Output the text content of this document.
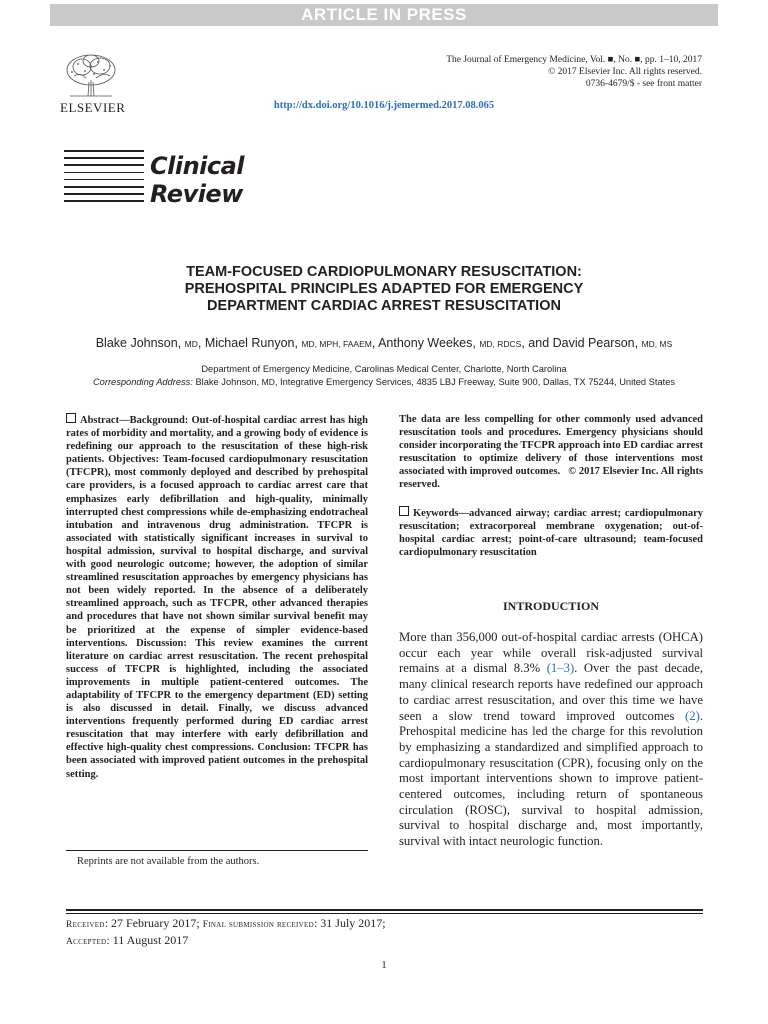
ARTICLE IN PRESS
ELSEVIER
The Journal of Emergency Medicine, Vol. ■, No. ■, pp. 1–10, 2017
© 2017 Elsevier Inc. All rights reserved.
0736-4679/$ - see front matter
http://dx.doi.org/10.1016/j.jemermed.2017.08.065
Clinical
Review
TEAM-FOCUSED CARDIOPULMONARY RESUSCITATION:
PREHOSPITAL PRINCIPLES ADAPTED FOR EMERGENCY
DEPARTMENT CARDIAC ARREST RESUSCITATION
Blake Johnson, MD, Michael Runyon, MD, MPH, FAAEM, Anthony Weekes, MD, RDCS, and David Pearson, MD, MS
Department of Emergency Medicine, Carolinas Medical Center, Charlotte, North Carolina
Corresponding Address: Blake Johnson, MD, Integrative Emergency Services, 4835 LBJ Freeway, Suite 900, Dallas, TX 75244, United States
Abstract—Background: Out-of-hospital cardiac arrest has high rates of morbidity and mortality, and a growing body of evidence is redefining our approach to the resuscitation of these high-risk patients. Objectives: Team-focused cardiopulmonary resuscitation (TFCPR), most commonly deployed and described by prehospital care providers, is a focused approach to cardiac arrest care that emphasizes early defibrillation and high-quality, minimally interrupted chest compressions while de-emphasizing endotracheal intubation and intravenous drug administration. TFCPR is associated with statistically significant increases in survival to hospital admission, survival to hospital discharge, and survival with good neurologic outcome; however, the adoption of similar streamlined resuscitation approaches by emergency physicians has not been widely reported. In the absence of a deliberately streamlined approach, such as TFCPR, other advanced therapies and procedures that have not shown similar survival benefit may be prioritized at the expense of simpler evidence-based interventions. Discussion: This review examines the current literature on cardiac arrest resuscitation. The recent prehospital success of TFCPR is highlighted, including the associated improvements in multiple patient-centered outcomes. The adaptability of TFCPR to the emergency department (ED) setting is also discussed in detail. Finally, we discuss advanced interventions frequently performed during ED cardiac arrest resuscitation that may interfere with early defibrillation and effective high-quality chest compressions. Conclusion: TFCPR has been associated with improved patient outcomes in the prehospital setting.
The data are less compelling for other commonly used advanced resuscitation tools and procedures. Emergency physicians should consider incorporating the TFCPR approach into ED cardiac arrest resuscitation to optimize delivery of those interventions most associated with improved outcomes. © 2017 Elsevier Inc. All rights reserved.
Keywords—advanced airway; cardiac arrest; cardiopulmonary resuscitation; extracorporeal membrane oxygenation; out-of-hospital cardiac arrest; point-of-care ultrasound; team-focused cardiopulmonary resuscitation
INTRODUCTION
More than 356,000 out-of-hospital cardiac arrests (OHCA) occur each year while overall risk-adjusted survival remains at a dismal 8.3% (1–3). Over the past decade, many clinical research reports have redefined our approach to cardiac arrest resuscitation, and over this time we have seen a slow trend toward improved outcomes (2). Prehospital medicine has led the charge for this revolution by emphasizing a standardized and simplified approach to cardiopulmonary resuscitation (CPR), focusing only on the most important interventions shown to improve patient-centered outcomes, including return of spontaneous circulation (ROSC), survival to hospital admission, survival to hospital discharge and, most importantly, survival with intact neurologic function.
Reprints are not available from the authors.
Received: 27 February 2017; Final submission received: 31 July 2017;
Accepted: 11 August 2017
1
